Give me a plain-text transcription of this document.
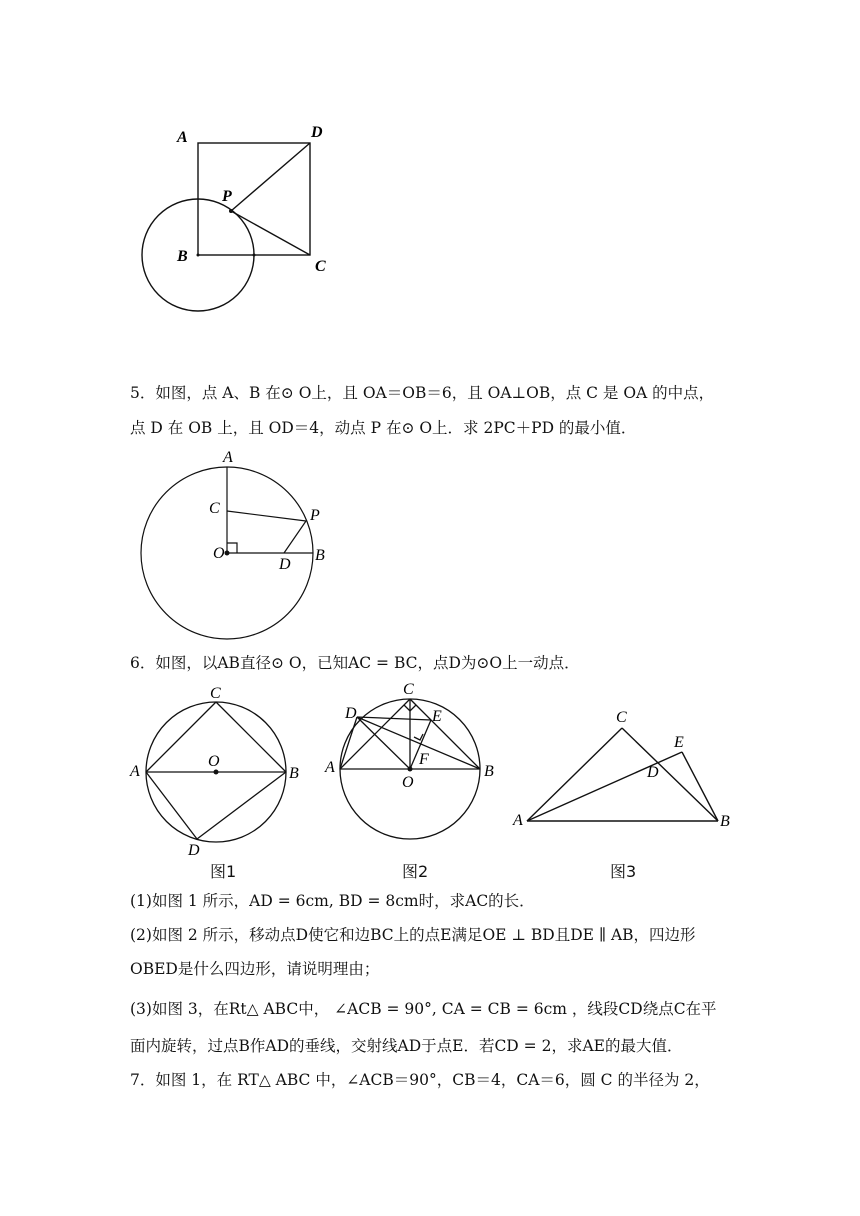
A	D
P
B
C
5．如图，点 A、B 在⊙ O上，且 OA＝OB＝6，且 OA⊥OB，点 C 是 OA 的中点，
点 D 在 OB 上，且 OD＝4，动点 P 在⊙ O上．求 2PC＋PD 的最小值．
A
C	P
O	B
D
6．如图，以AB直径⊙ O，已知AC = BC，点D为⊙O上一动点．
C
A
O
B
D
C
D	E
A	F
O
B
C
E
D
A	B
图1	图2	图3
(1)如图 1 所示，AD = 6cm, BD = 8cm时，求AC的长．
(2)如图 2 所示，移动点D使它和边BC上的点E满足OE ⊥ BD且DE ∥ AB，四边形
OBED是什么四边形，请说明理由；
(3)如图 3，在Rt△ ABC中， ∠ACB = 90°, CA = CB = 6cm ，线段CD绕点C在平
面内旋转，过点B作AD的垂线，交射线AD于点E．若CD = 2，求AE的最大值．
7．如图 1，在 RT△ ABC 中，∠ACB＝90°，CB＝4，CA＝6，圆 C 的半径为 2，
